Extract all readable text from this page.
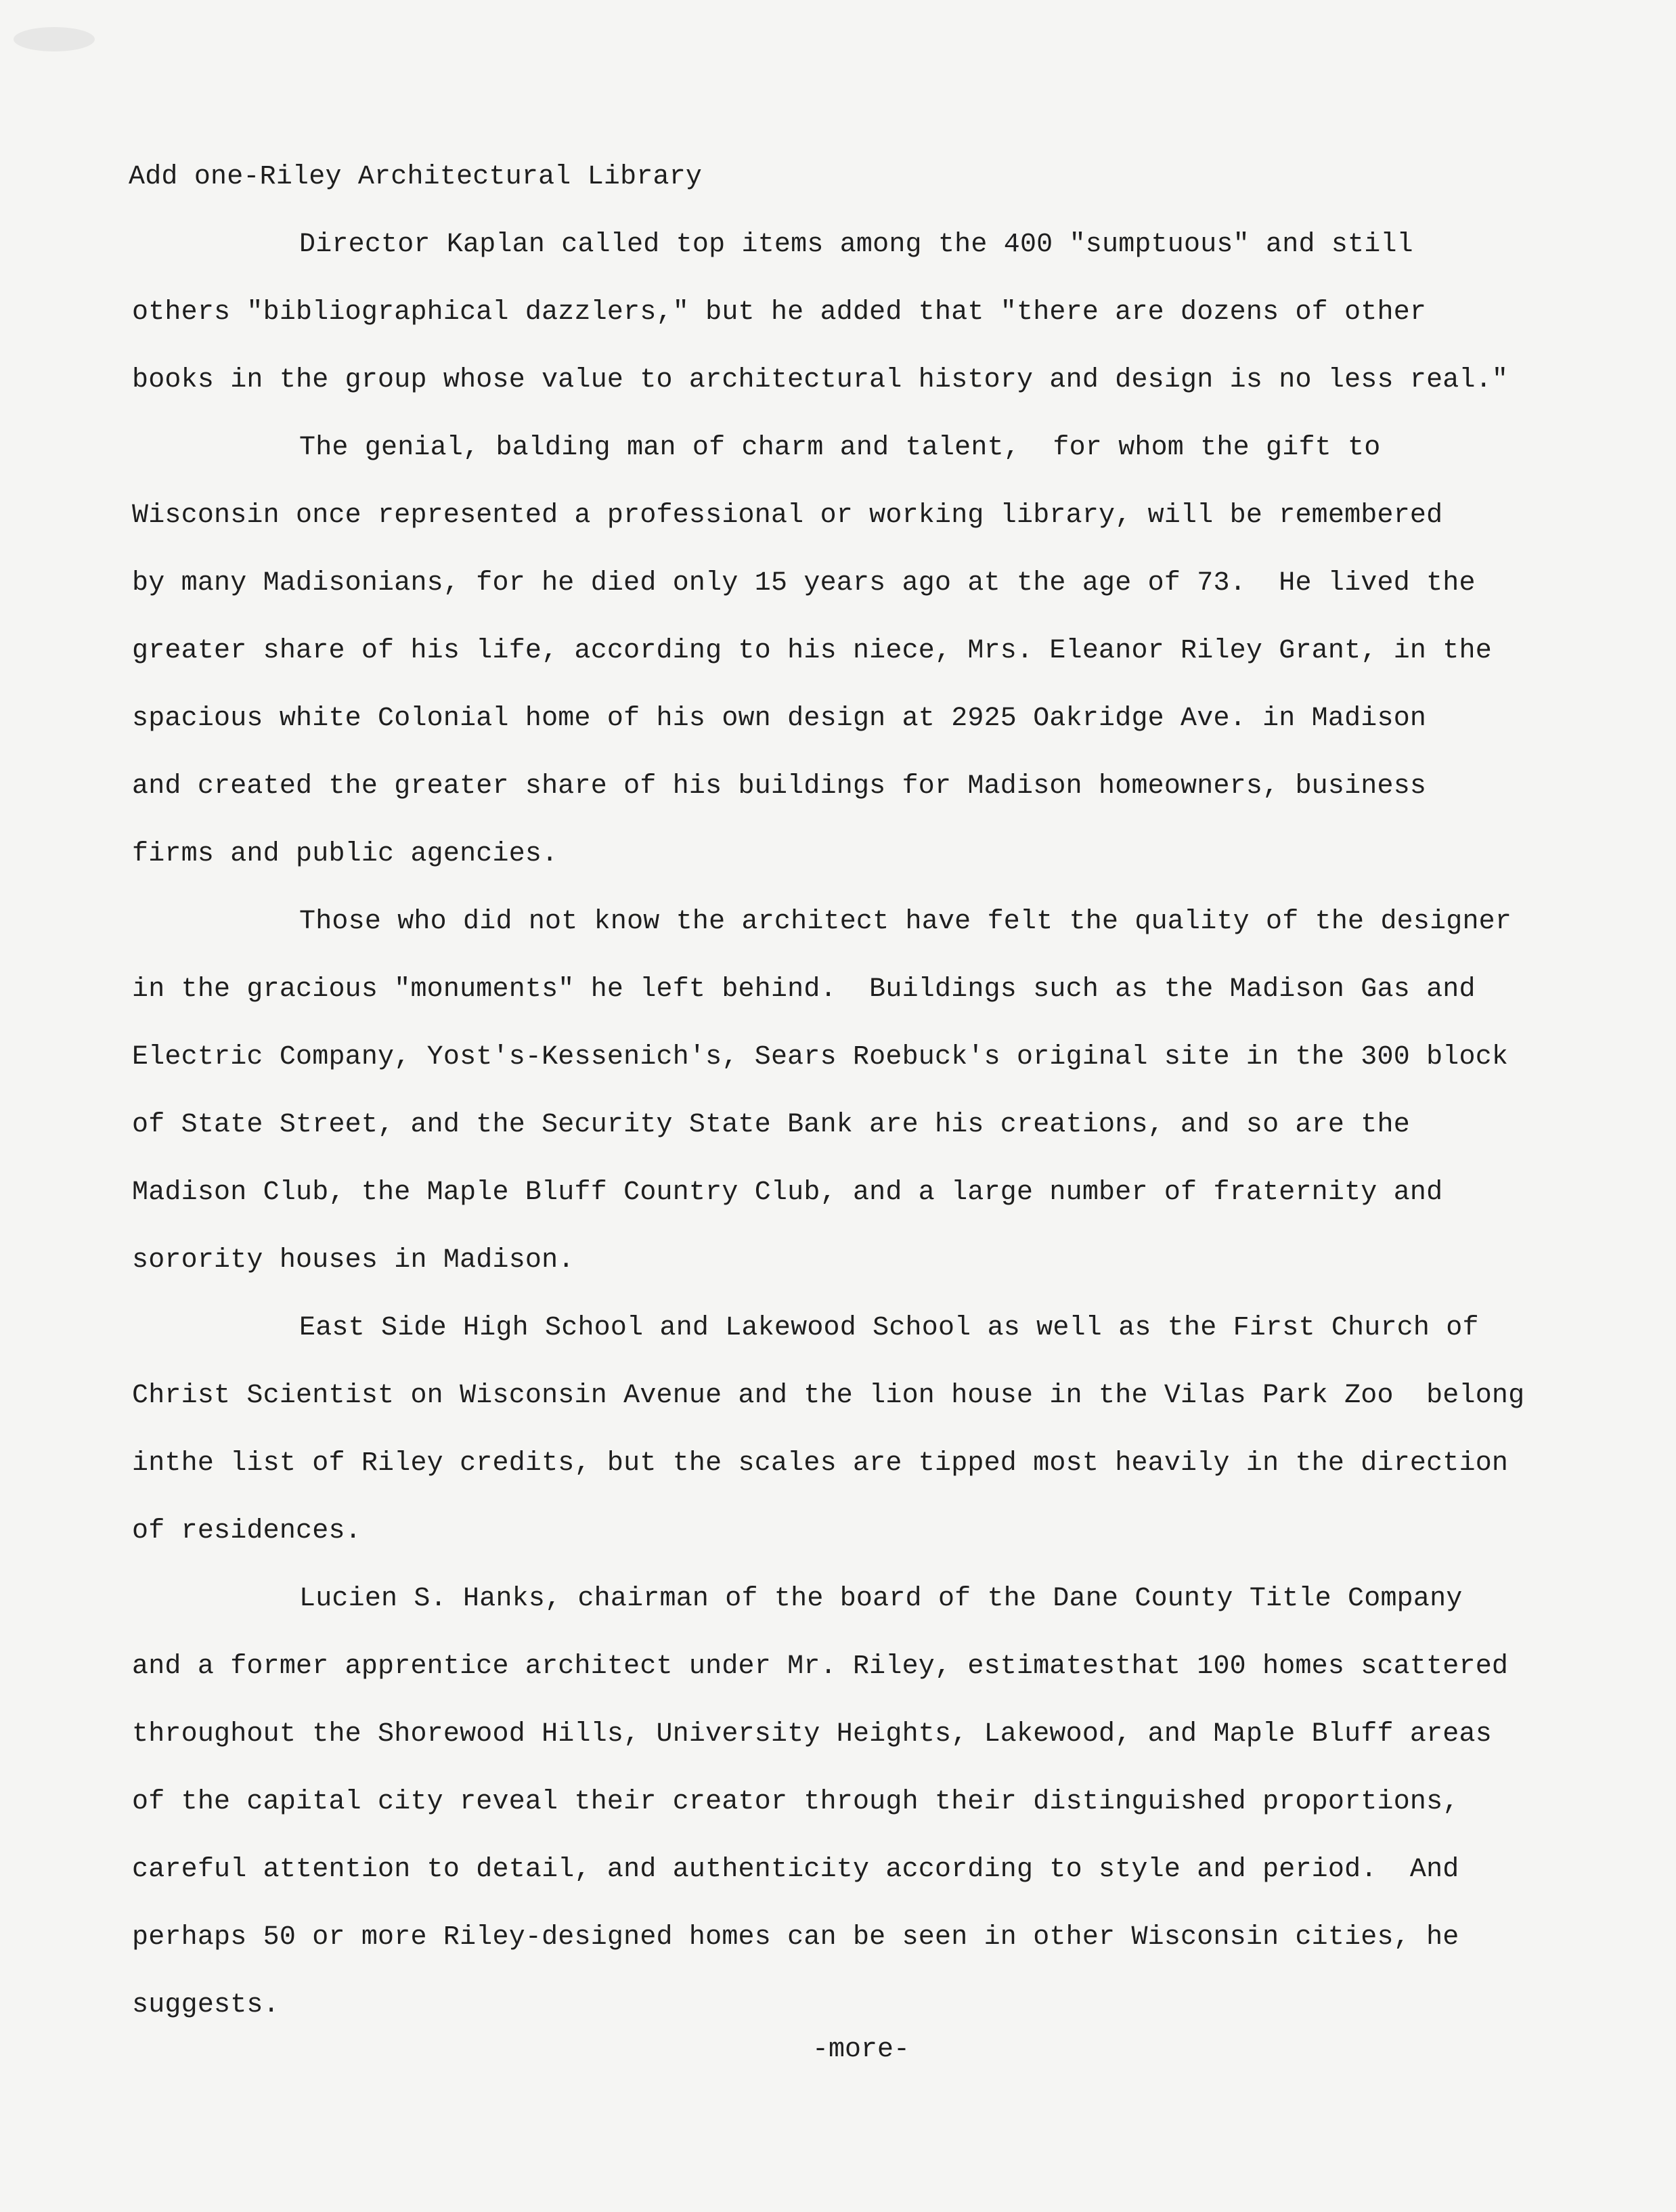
Add one-Riley Architectural Library
Director Kaplan called top items among the 400 "sumptuous" and still
others "bibliographical dazzlers," but he added that "there are dozens of other
books in the group whose value to architectural history and design is no less real."
The genial, balding man of charm and talent,  for whom the gift to
Wisconsin once represented a professional or working library, will be remembered
by many Madisonians, for he died only 15 years ago at the age of 73.  He lived the
greater share of his life, according to his niece, Mrs. Eleanor Riley Grant, in the
spacious white Colonial home of his own design at 2925 Oakridge Ave. in Madison
and created the greater share of his buildings for Madison homeowners, business
firms and public agencies.
Those who did not know the architect have felt the quality of the designer
in the gracious "monuments" he left behind.  Buildings such as the Madison Gas and
Electric Company, Yost's-Kessenich's, Sears Roebuck's original site in the 300 block
of State Street, and the Security State Bank are his creations, and so are the
Madison Club, the Maple Bluff Country Club, and a large number of fraternity and
sorority houses in Madison.
East Side High School and Lakewood School as well as the First Church of
Christ Scientist on Wisconsin Avenue and the lion house in the Vilas Park Zoo  belong
inthe list of Riley credits, but the scales are tipped most heavily in the direction
of residences.
Lucien S. Hanks, chairman of the board of the Dane County Title Company
and a former apprentice architect under Mr. Riley, estimatesthat 100 homes scattered
throughout the Shorewood Hills, University Heights, Lakewood, and Maple Bluff areas
of the capital city reveal their creator through their distinguished proportions,
careful attention to detail, and authenticity according to style and period.  And
perhaps 50 or more Riley-designed homes can be seen in other Wisconsin cities, he
suggests.
-more-
